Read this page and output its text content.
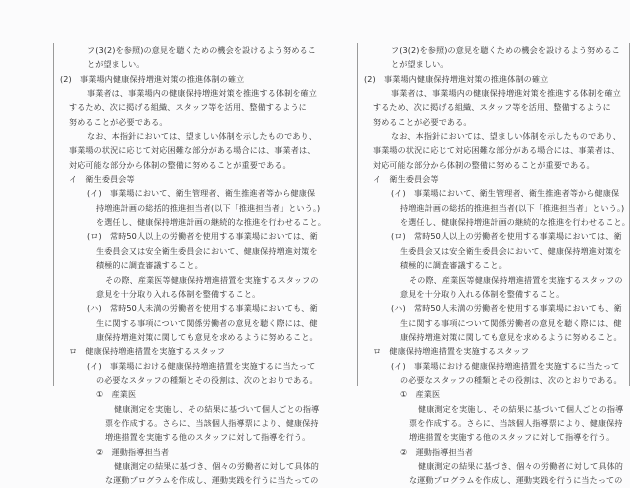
フ(3(2)を参照)の意見を聴くための機会を設けるよう努めるこ
とが望ましい。
(2)　事業場内健康保持増進対策の推進体制の確立
事業者は、事業場内の健康保持増進対策を推進する体制を確立
するため、次に掲げる組織、スタッフ等を活用、整備するように
努めることが必要である。
なお、本指針においては、望ましい体制を示したものであり、
事業場の状況に応じて対応困難な部分がある場合には、事業者は、
対応可能な部分から体制の整備に努めることが重要である。
イ　衛生委員会等
(イ)　事業場において、衛生管理者、衛生推進者等から健康保
持増進計画の総括的推進担当者(以下「推進担当者」という。)
を選任し、健康保持増進計画の継続的な推進を行わせること。
(ロ)　常時50人以上の労働者を使用する事業場においては、衛
生委員会又は安全衛生委員会において、健康保持増進対策を
積極的に調査審議すること。
その際、産業医等健康保持増進措置を実施するスタッフの
意見を十分取り入れる体制を整備すること。
(ハ)　常時50人未満の労働者を使用する事業場においても、衛
生に関する事項について関係労働者の意見を聴く際には、健
康保持増進対策に関しても意見を求めるように努めること。
ロ　健康保持増進措置を実施するスタッフ
(イ)　事業場における健康保持増進措置を実施するに当たって
の必要なスタッフの種類とその役割は、次のとおりである。
①　産業医
健康測定を実施し、その結果に基づいて個人ごとの指導
票を作成する。さらに、当該個人指導票により、健康保持
増進措置を実施する他のスタッフに対して指導を行う。
②　運動指導担当者
健康測定の結果に基づき、個々の労働者に対して具体的
な運動プログラムを作成し、運動実践を行うに当たっての
フ(3(2)を参照)の意見を聴くための機会を設けるよう努めるこ
とが望ましい。
(2)　事業場内健康保持増進対策の推進体制の確立
事業者は、事業場内の健康保持増進対策を推進する体制を確立
するため、次に掲げる組織、スタッフ等を活用、整備するように
努めることが必要である。
なお、本指針においては、望ましい体制を示したものであり、
事業場の状況に応じて対応困難な部分がある場合には、事業者は、
対応可能な部分から体制の整備に努めることが重要である。
イ　衛生委員会等
(イ)　事業場において、衛生管理者、衛生推進者等から健康保
持増進計画の総括的推進担当者(以下「推進担当者」という。)
を選任し、健康保持増進計画の継続的な推進を行わせること。
(ロ)　常時50人以上の労働者を使用する事業場においては、衛
生委員会又は安全衛生委員会において、健康保持増進対策を
積極的に調査審議すること。
その際、産業医等健康保持増進措置を実施するスタッフの
意見を十分取り入れる体制を整備すること。
(ハ)　常時50人未満の労働者を使用する事業場においても、衛
生に関する事項について関係労働者の意見を聴く際には、健
康保持増進対策に関しても意見を求めるように努めること。
ロ　健康保持増進措置を実施するスタッフ
(イ)　事業場における健康保持増進措置を実施するに当たって
の必要なスタッフの種類とその役割は、次のとおりである。
①　産業医
健康測定を実施し、その結果に基づいて個人ごとの指導
票を作成する。さらに、当該個人指導票により、健康保持
増進措置を実施する他のスタッフに対して指導を行う。
②　運動指導担当者
健康測定の結果に基づき、個々の労働者に対して具体的
な運動プログラムを作成し、運動実践を行うに当たっての
